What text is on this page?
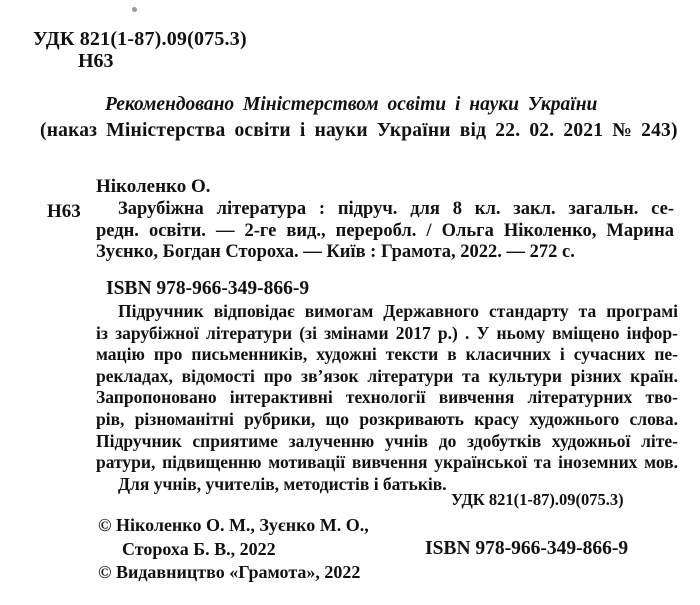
УДК 821(1-87).09(075.3)
Н63
Рекомендовано Міністерством освіти і науки України
(наказ Міністерства освіти і науки України від 22. 02. 2021 № 243)
Ніколенко О.
Н63	Зарубіжна література : підруч. для 8 кл. закл. загальн. се-
редн. освіти. — 2-ге вид., переробл. / Ольга Ніколенко, Марина
Зуєнко, Богдан Стороха. — Київ : Грамота, 2022. — 272 с.
ISBN 978-966-349-866-9
Підручник відповідає вимогам Державного стандарту та програмі
із зарубіжної літератури (зі змінами 2017 р.) . У ньому вміщено інфор-
мацію про письменників, художні тексти в класичних і сучасних пе-
рекладах, відомості про зв’язок літератури та культури різних країн.
Запропоновано інтерактивні технології вивчення літературних тво-
рів, різноманітні рубрики, що розкривають красу художнього слова.
Підручник сприятиме залученню учнів до здобутків художньої літе-
ратури, підвищенню мотивації вивчення української та іноземних мов.
Для учнів, учителів, методистів і батьків.
УДК 821(1-87).09(075.3)
© Ніколенко О. М., Зуєнко М. О.,
Стороха Б. В., 2022
© Видавництво «Грамота», 2022
ISBN 978-966-349-866-9
